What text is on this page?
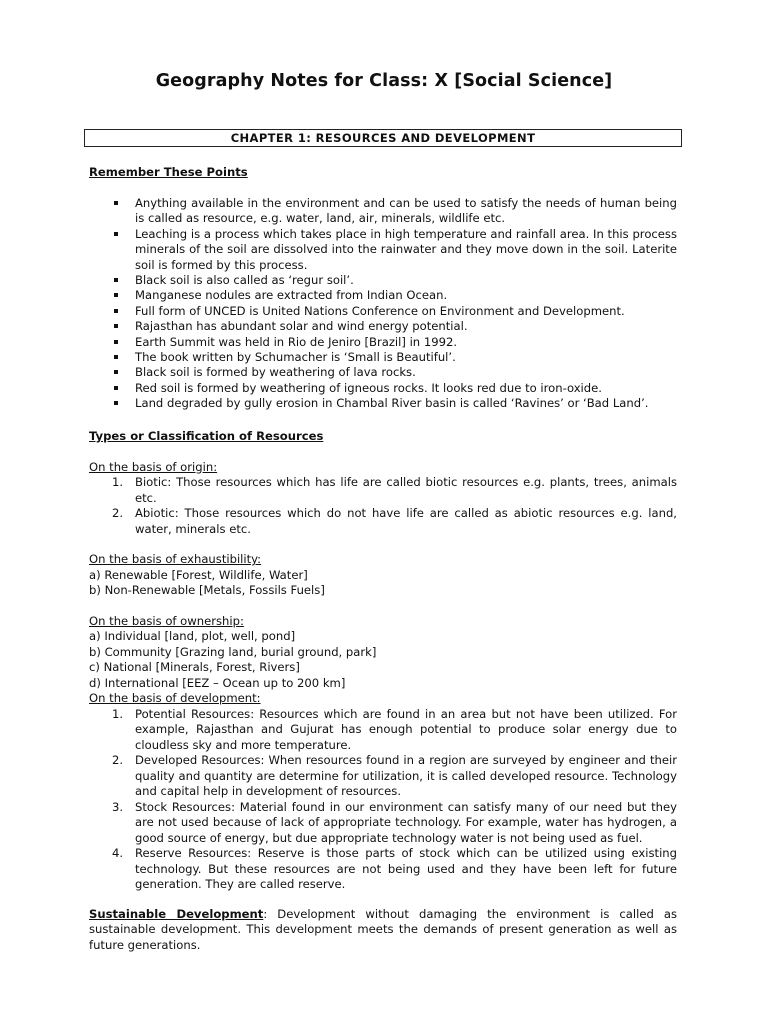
Geography Notes for Class: X [Social Science]
CHAPTER 1: RESOURCES AND DEVELOPMENT

Remember These Points

Anything available in the environment and can be used to satisfy the needs of human being is called as resource, e.g. water, land, air, minerals, wildlife etc.
Leaching is a process which takes place in high temperature and rainfall area. In this process minerals of the soil are dissolved into the rainwater and they move down in the soil. Laterite soil is formed by this process.
Black soil is also called as ‘regur soil’.
Manganese nodules are extracted from Indian Ocean.
Full form of UNCED is United Nations Conference on Environment and Development.
Rajasthan has abundant solar and wind energy potential.
Earth Summit was held in Rio de Jeniro [Brazil] in 1992.
The book written by Schumacher is ‘Small is Beautiful’.
Black soil is formed by weathering of lava rocks.
Red soil is formed by weathering of igneous rocks. It looks red due to iron-oxide.
Land degraded by gully erosion in Chambal River basin is called ‘Ravines’ or ‘Bad Land’.

Types or Classification of Resources

On the basis of origin:

1. Biotic: Those resources which has life are called biotic resources e.g. plants, trees, animals etc.
2. Abiotic: Those resources which do not have life are called as abiotic resources e.g. land, water, minerals etc.

On the basis of exhaustibility:

a) Renewable [Forest, Wildlife, Water]

b) Non-Renewable [Metals, Fossils Fuels]

On the basis of ownership:

a) Individual [land, plot, well, pond]

b) Community [Grazing land, burial ground, park]

c) National [Minerals, Forest, Rivers]

d) International [EEZ – Ocean up to 200 km]

On the basis of development:

1. Potential Resources: Resources which are found in an area but not have been utilized. For example, Rajasthan and Gujurat has enough potential to produce solar energy due to cloudless sky and more temperature.
2. Developed Resources: When resources found in a region are surveyed by engineer and their quality and quantity are determine for utilization, it is called developed resource. Technology and capital help in development of resources.
3. Stock Resources: Material found in our environment can satisfy many of our need but they are not used because of lack of appropriate technology. For example, water has hydrogen, a good source of energy, but due appropriate technology water is not being used as fuel.
4. Reserve Resources: Reserve is those parts of stock which can be utilized using existing technology. But these resources are not being used and they have been left for future generation. They are called reserve.

Sustainable Development: Development without damaging the environment is called as sustainable development. This development meets the demands of present generation as well as future generations.
